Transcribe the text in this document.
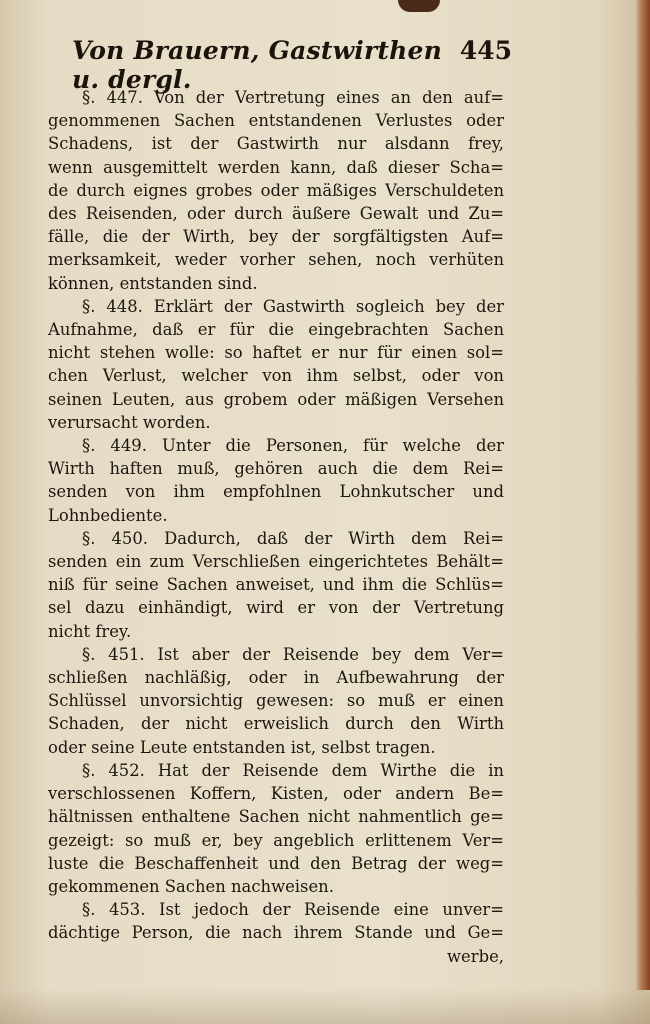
Von Brauern, Gastwirthen u. dergl.
445
§. 447. Von der Vertretung eines an den auf=
genommenen Sachen entstandenen Verlustes oder
Schadens, ist der Gastwirth nur alsdann frey,
wenn ausgemittelt werden kann, daß dieser Scha=
de durch eignes grobes oder mäßiges Verschuldeten
des Reisenden, oder durch äußere Gewalt und Zu=
fälle, die der Wirth, bey der sorgfältigsten Auf=
merksamkeit, weder vorher sehen, noch verhüten
können, entstanden sind.
§. 448. Erklärt der Gastwirth sogleich bey der
Aufnahme, daß er für die eingebrachten Sachen
nicht stehen wolle: so haftet er nur für einen sol=
chen Verlust, welcher von ihm selbst, oder von
seinen Leuten, aus grobem oder mäßigen Versehen
verursacht worden.
§. 449. Unter die Personen, für welche der
Wirth haften muß, gehören auch die dem Rei=
senden von ihm empfohlnen Lohnkutscher und
Lohnbediente.
§. 450. Dadurch, daß der Wirth dem Rei=
senden ein zum Verschließen eingerichtetes Behält=
niß für seine Sachen anweiset, und ihm die Schlüs=
sel dazu einhändigt, wird er von der Vertretung
nicht frey.
§. 451. Ist aber der Reisende bey dem Ver=
schließen nachläßig, oder in Aufbewahrung der
Schlüssel unvorsichtig gewesen: so muß er einen
Schaden, der nicht erweislich durch den Wirth
oder seine Leute entstanden ist, selbst tragen.
§. 452. Hat der Reisende dem Wirthe die in
verschlossenen Koffern, Kisten, oder andern Be=
hältnissen enthaltene Sachen nicht nahmentlich ge=
gezeigt: so muß er, bey angeblich erlittenem Ver=
luste die Beschaffenheit und den Betrag der weg=
gekommenen Sachen nachweisen.
§. 453. Ist jedoch der Reisende eine unver=
dächtige Person, die nach ihrem Stande und Ge=
werbe,
